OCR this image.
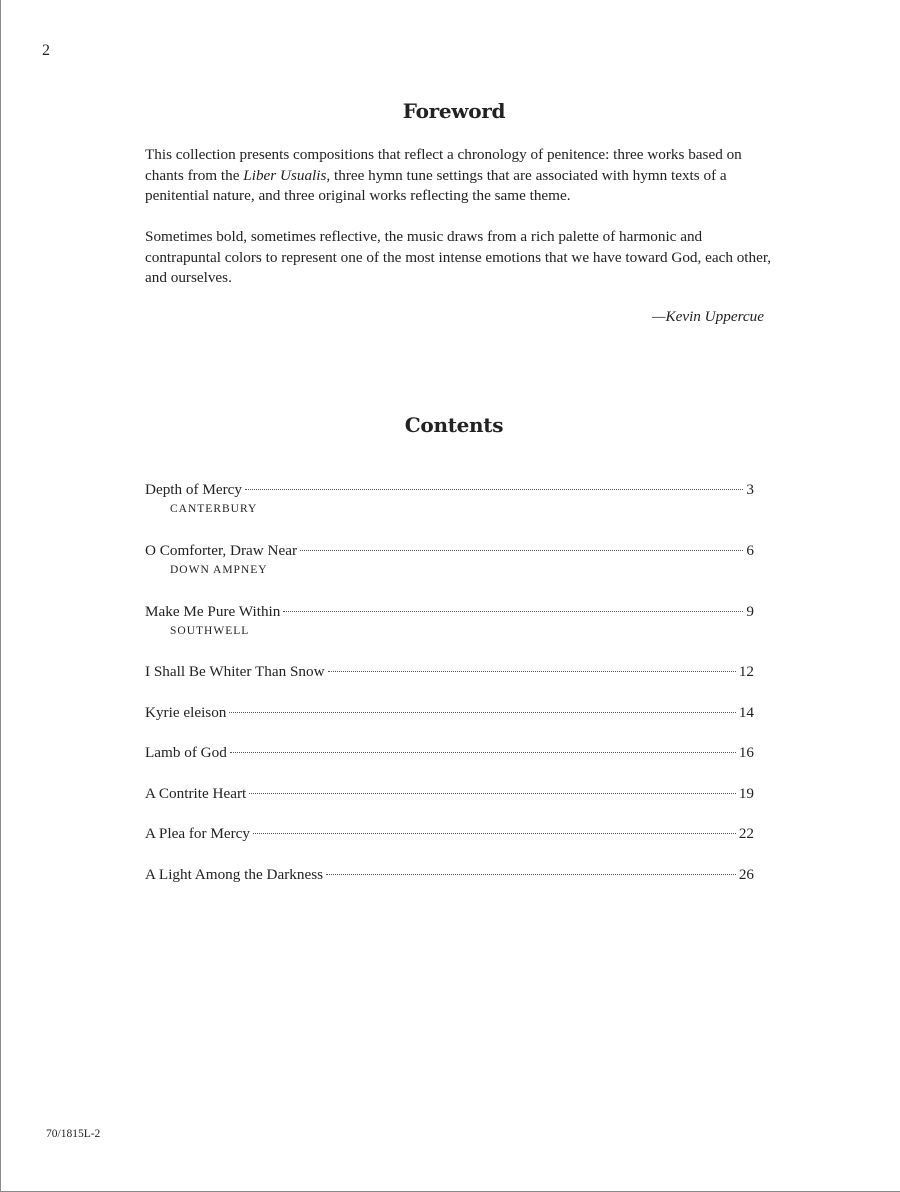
2
Foreword

This collection presents compositions that reflect a chronology of penitence: three works based on chants from the Liber Usualis, three hymn tune settings that are associated with hymn texts of a penitential nature, and three original works reflecting the same theme.

Sometimes bold, sometimes reflective, the music draws from a rich palette of harmonic and contrapuntal colors to represent one of the most intense emotions that we have toward God, each other, and ourselves.

—Kevin Uppercue
Contents
Depth of Mercy	3
CANTERBURY
O Comforter, Draw Near	6
DOWN AMPNEY
Make Me Pure Within	9
SOUTHWELL
I Shall Be Whiter Than Snow	12
Kyrie eleison	14
Lamb of God	16
A Contrite Heart	19
A Plea for Mercy	22
A Light Among the Darkness	26
70/1815L-2
